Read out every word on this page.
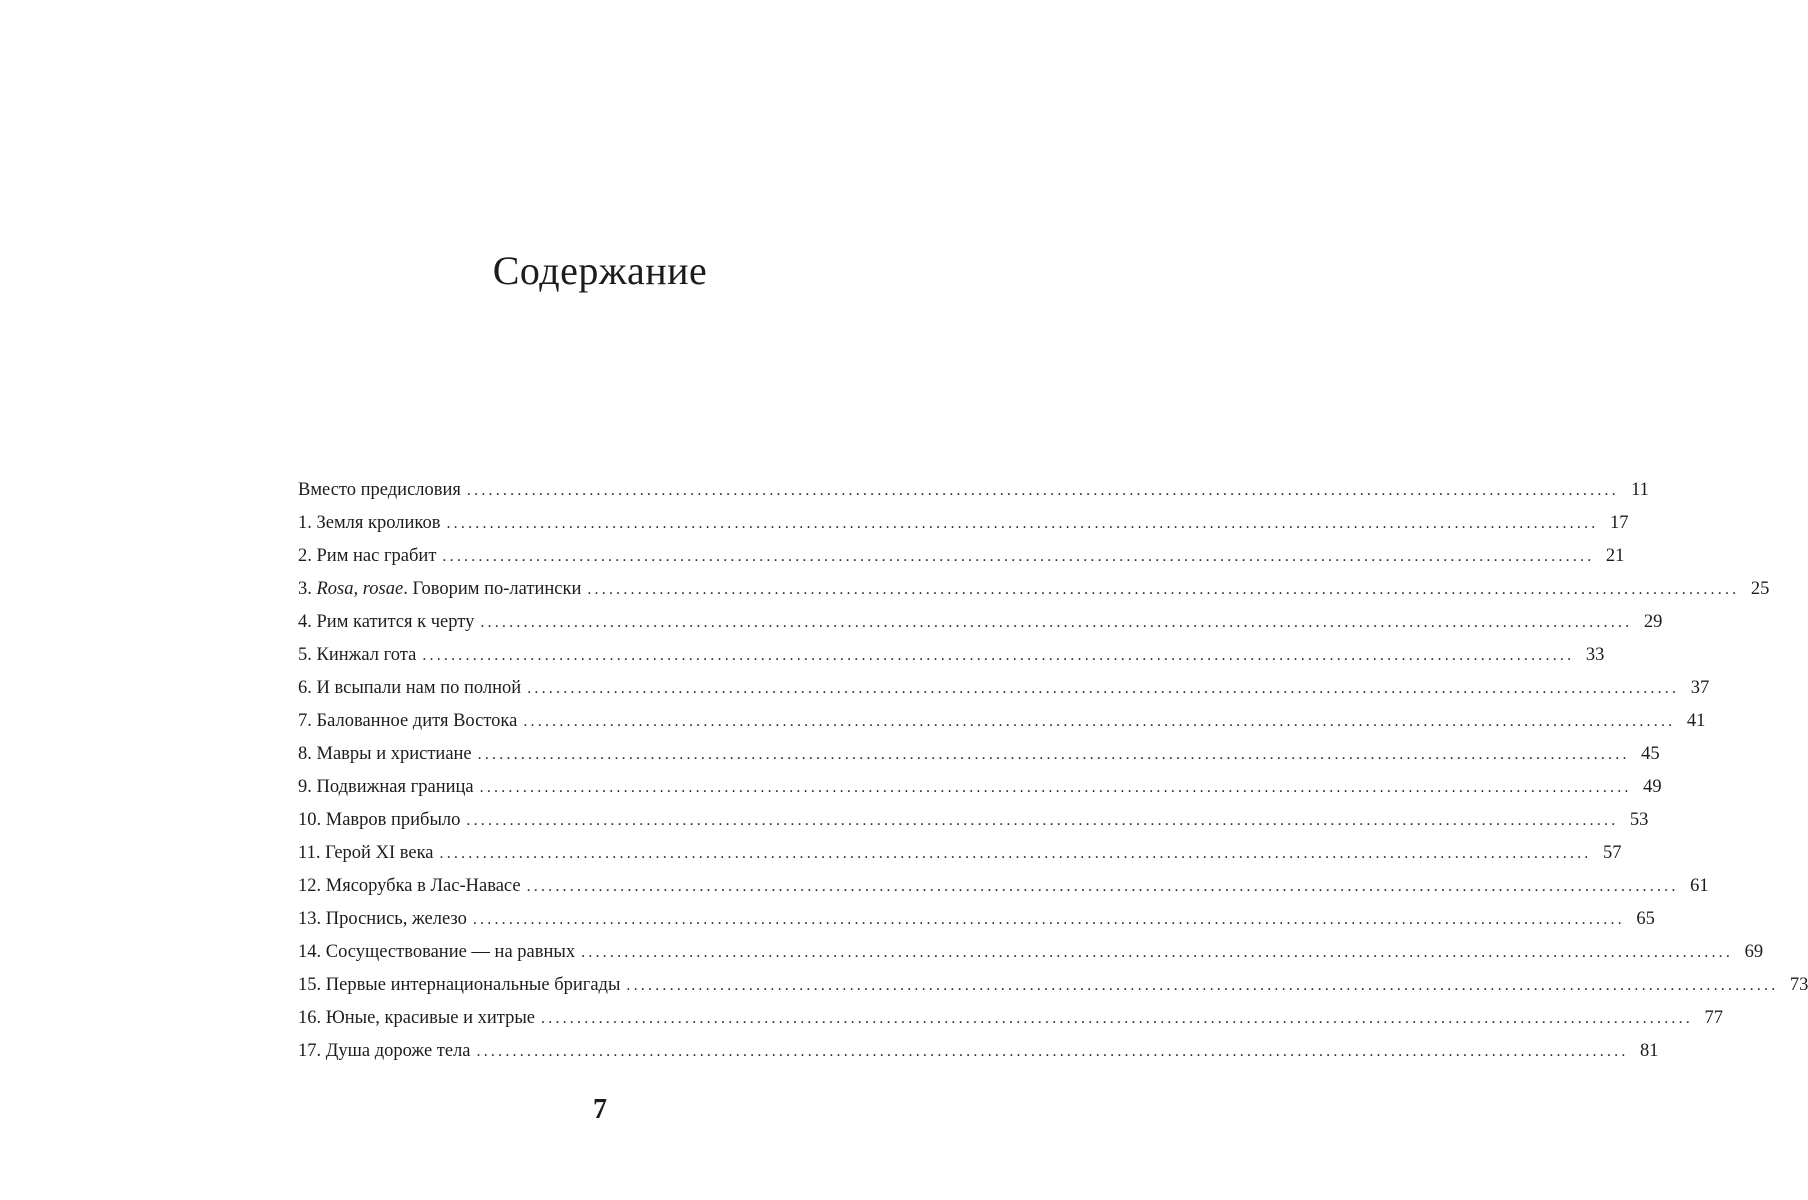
Содержание
Вместо предисловия ................................................................................................................................................................ 11
1. Земля кроликов ................................................................................................................................................................ 17
2. Рим нас грабит ................................................................................................................................................................ 21
3. Rosa, rosae. Говорим по-латински ................................................................................................................................................................ 25
4. Рим катится к черту ................................................................................................................................................................ 29
5. Кинжал гота ................................................................................................................................................................ 33
6. И всыпали нам по полной ................................................................................................................................................................ 37
7. Балованное дитя Востока ................................................................................................................................................................ 41
8. Мавры и христиане ................................................................................................................................................................ 45
9. Подвижная граница ................................................................................................................................................................ 49
10. Мавров прибыло ................................................................................................................................................................ 53
11. Герой XI века ................................................................................................................................................................ 57
12. Мясорубка в Лас-Навасе ................................................................................................................................................................ 61
13. Проснись, железо ................................................................................................................................................................ 65
14. Сосуществование — на равных ................................................................................................................................................................ 69
15. Первые интернациональные бригады ................................................................................................................................................................ 73
16. Юные, красивые и хитрые ................................................................................................................................................................ 77
17. Душа дороже тела ................................................................................................................................................................ 81
7
